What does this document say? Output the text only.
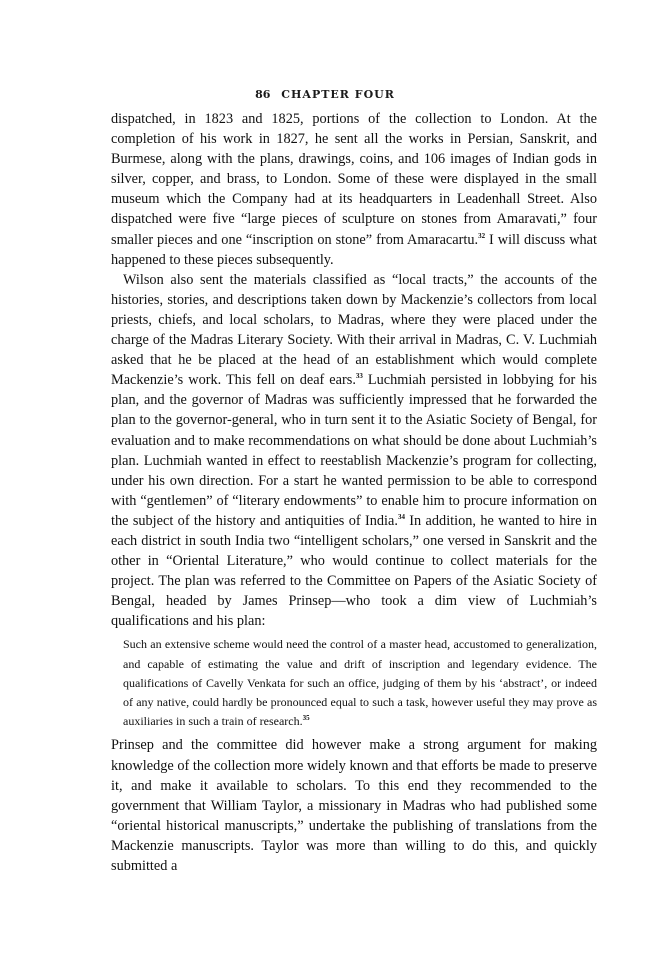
86 CHAPTER FOUR

dispatched, in 1823 and 1825, portions of the collection to London. At the completion of his work in 1827, he sent all the works in Persian, Sanskrit, and Burmese, along with the plans, drawings, coins, and 106 images of Indian gods in silver, copper, and brass, to London. Some of these were displayed in the small museum which the Company had at its headquarters in Leadenhall Street. Also dispatched were five “large pieces of sculpture on stones from Amaravati,” four smaller pieces and one “inscription on stone” from Amaracartu.$^{32}$ I will discuss what happened to these pieces subsequently.

Wilson also sent the materials classified as “local tracts,” the accounts of the histories, stories, and descriptions taken down by Mackenzie’s collectors from local priests, chiefs, and local scholars, to Madras, where they were placed under the charge of the Madras Literary Society. With their arrival in Madras, C. V. Luchmiah asked that he be placed at the head of an establishment which would complete Mackenzie’s work. This fell on deaf ears.$^{33}$ Luchmiah persisted in lobbying for his plan, and the governor of Madras was sufficiently impressed that he forwarded the plan to the governor-general, who in turn sent it to the Asiatic Society of Bengal, for evaluation and to make recommendations on what should be done about Luchmiah’s plan. Luchmiah wanted in effect to reestablish Mackenzie’s program for collecting, under his own direction. For a start he wanted permission to be able to correspond with “gentlemen” of “literary endowments” to enable him to procure information on the subject of the history and antiquities of India.$^{34}$ In addition, he wanted to hire in each district in south India two “intelligent scholars,” one versed in Sanskrit and the other in “Oriental Literature,” who would continue to collect materials for the project. The plan was referred to the Committee on Papers of the Asiatic Society of Bengal, headed by James Prinsep—who took a dim view of Luchmiah’s qualifications and his plan:

Such an extensive scheme would need the control of a master head, accustomed to generalization, and capable of estimating the value and drift of inscription and legendary evidence. The qualifications of Cavelly Venkata for such an office, judging of them by his ‘abstract’, or indeed of any native, could hardly be pronounced equal to such a task, however useful they may prove as auxiliaries in such a train of research.$^{35}$

Prinsep and the committee did however make a strong argument for making knowledge of the collection more widely known and that efforts be made to preserve it, and make it available to scholars. To this end they recommended to the government that William Taylor, a missionary in Madras who had published some “oriental historical manuscripts,” undertake the publishing of translations from the Mackenzie manuscripts. Taylor was more than willing to do this, and quickly submitted a
